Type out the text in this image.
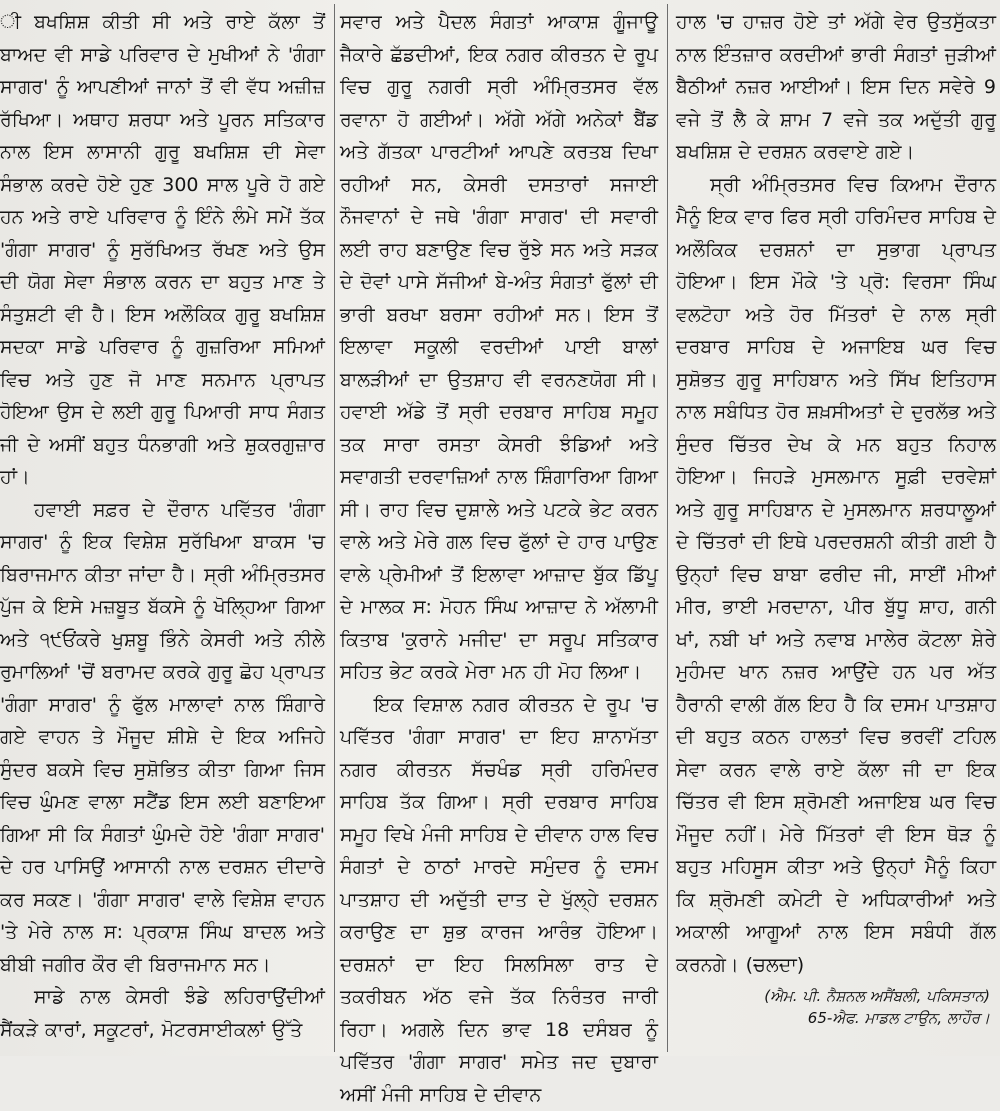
ੀ ਬਖਸ਼ਿਸ਼ ਕੀਤੀ ਸੀ ਅਤੇ ਰਾਏ ਕੱਲਾ ਤੋਂ ਬਾਅਦ ਵੀ ਸਾਡੇ ਪਰਿਵਾਰ ਦੇ ਮੁਖੀਆਂ ਨੇ 'ਗੰਗਾ ਸਾਗਰ' ਨੂੰ ਆਪਣੀਆਂ ਜਾਨਾਂ ਤੋਂ ਵੀ ਵੱਧ ਅਜ਼ੀਜ਼ ਰੱਖਿਆ। ਅਥਾਹ ਸ਼ਰਧਾ ਅਤੇ ਪੂਰਨ ਸਤਿਕਾਰ ਨਾਲ ਇਸ ਲਾਸਾਨੀ ਗੁਰੂ ਬਖਸ਼ਿਸ਼ ਦੀ ਸੇਵਾ ਸੰਭਾਲ ਕਰਦੇ ਹੋਏ ਹੁਣ 300 ਸਾਲ ਪੂਰੇ ਹੋ ਗਏ ਹਨ ਅਤੇ ਰਾਏ ਪਰਿਵਾਰ ਨੂੰ ਇੰਨੇ ਲੰਮੇ ਸਮੇਂ ਤੱਕ 'ਗੰਗਾ ਸਾਗਰ' ਨੂੰ ਸੁਰੱਖਿਅਤ ਰੱਖਣ ਅਤੇ ਉਸ ਦੀ ਯੋਗ ਸੇਵਾ ਸੰਭਾਲ ਕਰਨ ਦਾ ਬਹੁਤ ਮਾਣ ਤੇ ਸੰਤੁਸ਼ਟੀ ਵੀ ਹੈ। ਇਸ ਅਲੌਕਿਕ ਗੁਰੂ ਬਖਸ਼ਿਸ਼ ਸਦਕਾ ਸਾਡੇ ਪਰਿਵਾਰ ਨੂੰ ਗੁਜ਼ਰਿਆ ਸਮਿਆਂ ਵਿਚ ਅਤੇ ਹੁਣ ਜੋ ਮਾਣ ਸਨਮਾਨ ਪ੍ਰਾਪਤ ਹੋਇਆ ਉਸ ਦੇ ਲਈ ਗੁਰੂ ਪਿਆਰੀ ਸਾਧ ਸੰਗਤ ਜੀ ਦੇ ਅਸੀਂ ਬਹੁਤ ਧੰਨਭਾਗੀ ਅਤੇ ਸ਼ੁਕਰਗੁਜ਼ਾਰ ਹਾਂ।

ਹਵਾਈ ਸਫ਼ਰ ਦੇ ਦੌਰਾਨ ਪਵਿੱਤਰ 'ਗੰਗਾ ਸਾਗਰ' ਨੂੰ ਇਕ ਵਿਸ਼ੇਸ਼ ਸੁਰੱਖਿਆ ਬਾਕਸ 'ਚ ਬਿਰਾਜਮਾਨ ਕੀਤਾ ਜਾਂਦਾ ਹੈ। ਸ੍ਰੀ ਅੰਮ੍ਰਿਤਸਰ ਪੁੱਜ ਕੇ ਇਸੇ ਮਜ਼ਬੂਤ ਬੱਕਸੇ ਨੂੰ ਖੋਲ੍ਹਿਆ ਗਿਆ ਅਤੇ ੧੯ਓਂਕਰੇ ਖੁਸ਼ਬੂ ਭਿੰਨੇ ਕੇਸਰੀ ਅਤੇ ਨੀਲੇ ਰੁਮਾਲਿਆਂ 'ਚੋਂ ਬਰਾਮਦ ਕਰਕੇ ਗੁਰੂ ਛੋਹ ਪ੍ਰਾਪਤ 'ਗੰਗਾ ਸਾਗਰ' ਨੂੰ ਫੁੱਲ ਮਾਲਾਵਾਂ ਨਾਲ ਸ਼ਿੰਗਾਰੇ ਗਏ ਵਾਹਨ ਤੇ ਮੌਜੂਦ ਸ਼ੀਸ਼ੇ ਦੇ ਇਕ ਅਜਿਹੇ ਸੁੰਦਰ ਬਕਸੇ ਵਿਚ ਸੁਸ਼ੋਭਿਤ ਕੀਤਾ ਗਿਆ ਜਿਸ ਵਿਚ ਘੁੰਮਣ ਵਾਲਾ ਸਟੈਂਡ ਇਸ ਲਈ ਬਣਾਇਆ ਗਿਆ ਸੀ ਕਿ ਸੰਗਤਾਂ ਘੁੰਮਦੇ ਹੋਏ 'ਗੰਗਾ ਸਾਗਰ' ਦੇ ਹਰ ਪਾਸਿਉਂ ਆਸਾਨੀ ਨਾਲ ਦਰਸ਼ਨ ਦੀਦਾਰੇ ਕਰ ਸਕਣ। 'ਗੰਗਾ ਸਾਗਰ' ਵਾਲੇ ਵਿਸ਼ੇਸ਼ ਵਾਹਨ 'ਤੇ ਮੇਰੇ ਨਾਲ ਸ: ਪ੍ਰਕਾਸ਼ ਸਿੰਘ ਬਾਦਲ ਅਤੇ ਬੀਬੀ ਜਗੀਰ ਕੌਰ ਵੀ ਬਿਰਾਜਮਾਨ ਸਨ।

ਸਾਡੇ ਨਾਲ ਕੇਸਰੀ ਝੰਡੇ ਲਹਿਰਾਉਂਦੀਆਂ ਸੈਂਕੜੇ ਕਾਰਾਂ, ਸਕੂਟਰਾਂ, ਮੋਟਰਸਾਈਕਲਾਂ ਉੱਤੇ

ਸਵਾਰ ਅਤੇ ਪੈਦਲ ਸੰਗਤਾਂ ਆਕਾਸ਼ ਗੂੰਜਾਊ ਜੈਕਾਰੇ ਛੱਡਦੀਆਂ, ਇਕ ਨਗਰ ਕੀਰਤਨ ਦੇ ਰੂਪ ਵਿਚ ਗੁਰੂ ਨਗਰੀ ਸ੍ਰੀ ਅੰਮ੍ਰਿਤਸਰ ਵੱਲ ਰਵਾਨਾ ਹੋ ਗਈਆਂ। ਅੱਗੇ ਅੱਗੇ ਅਨੇਕਾਂ ਬੈਂਡ ਅਤੇ ਗੱਤਕਾ ਪਾਰਟੀਆਂ ਆਪਣੇ ਕਰਤਬ ਦਿਖਾ ਰਹੀਆਂ ਸਨ, ਕੇਸਰੀ ਦਸਤਾਰਾਂ ਸਜਾਈ ਨੌਜਵਾਨਾਂ ਦੇ ਜਥੇ 'ਗੰਗਾ ਸਾਗਰ' ਦੀ ਸਵਾਰੀ ਲਈ ਰਾਹ ਬਣਾਉਣ ਵਿਚ ਰੁੱਝੇ ਸਨ ਅਤੇ ਸੜਕ ਦੇ ਦੋਵਾਂ ਪਾਸੇ ਸੱਜੀਆਂ ਬੇ-ਅੰਤ ਸੰਗਤਾਂ ਫੁੱਲਾਂ ਦੀ ਭਾਰੀ ਬਰਖਾ ਬਰਸਾ ਰਹੀਆਂ ਸਨ। ਇਸ ਤੋਂ ਇਲਾਵਾ ਸਕੂਲੀ ਵਰਦੀਆਂ ਪਾਈ ਬਾਲਾਂ ਬਾਲੜੀਆਂ ਦਾ ਉਤਸ਼ਾਹ ਵੀ ਵਰਨਣਯੋਗ ਸੀ। ਹਵਾਈ ਅੱਡੇ ਤੋਂ ਸ੍ਰੀ ਦਰਬਾਰ ਸਾਹਿਬ ਸਮੂਹ ਤਕ ਸਾਰਾ ਰਸਤਾ ਕੇਸਰੀ ਝੰਡਿਆਂ ਅਤੇ ਸਵਾਗਤੀ ਦਰਵਾਜ਼ਿਆਂ ਨਾਲ ਸ਼ਿੰਗਾਰਿਆ ਗਿਆ ਸੀ। ਰਾਹ ਵਿਚ ਦੁਸ਼ਾਲੇ ਅਤੇ ਪਟਕੇ ਭੇਟ ਕਰਨ ਵਾਲੇ ਅਤੇ ਮੇਰੇ ਗਲ ਵਿਚ ਫੁੱਲਾਂ ਦੇ ਹਾਰ ਪਾਉਣ ਵਾਲੇ ਪ੍ਰੇਮੀਆਂ ਤੋਂ ਇਲਾਵਾ ਆਜ਼ਾਦ ਬੁੱਕ ਡਿੱਪੂ ਦੇ ਮਾਲਕ ਸ: ਮੋਹਨ ਸਿੰਘ ਆਜ਼ਾਦ ਨੇ ਅੱਲਾਮੀ ਕਿਤਾਬ 'ਕੁਰਾਨੇ ਮਜੀਦ' ਦਾ ਸਰੂਪ ਸਤਿਕਾਰ ਸਹਿਤ ਭੇਟ ਕਰਕੇ ਮੇਰਾ ਮਨ ਹੀ ਮੋਹ ਲਿਆ।

ਇਕ ਵਿਸ਼ਾਲ ਨਗਰ ਕੀਰਤਨ ਦੇ ਰੂਪ 'ਚ ਪਵਿੱਤਰ 'ਗੰਗਾ ਸਾਗਰ' ਦਾ ਇਹ ਸ਼ਾਨਾਮੱਤਾ ਨਗਰ ਕੀਰਤਨ ਸੱਚਖੰਡ ਸ੍ਰੀ ਹਰਿਮੰਦਰ ਸਾਹਿਬ ਤੱਕ ਗਿਆ। ਸ੍ਰੀ ਦਰਬਾਰ ਸਾਹਿਬ ਸਮੂਹ ਵਿਖੇ ਮੰਜੀ ਸਾਹਿਬ ਦੇ ਦੀਵਾਨ ਹਾਲ ਵਿਚ ਸੰਗਤਾਂ ਦੇ ਠਾਠਾਂ ਮਾਰਦੇ ਸਮੁੰਦਰ ਨੂੰ ਦਸਮ ਪਾਤਸ਼ਾਹ ਦੀ ਅਦੁੱਤੀ ਦਾਤ ਦੇ ਖੁੱਲ੍ਹੇ ਦਰਸ਼ਨ ਕਰਾਉਣ ਦਾ ਸ਼ੁਭ ਕਾਰਜ ਆਰੰਭ ਹੋਇਆ। ਦਰਸ਼ਨਾਂ ਦਾ ਇਹ ਸਿਲਸਿਲਾ ਰਾਤ ਦੇ ਤਕਰੀਬਨ ਅੱਠ ਵਜੇ ਤੱਕ ਨਿਰੰਤਰ ਜਾਰੀ ਰਿਹਾ। ਅਗਲੇ ਦਿਨ ਭਾਵ 18 ਦਸੰਬਰ ਨੂੰ ਪਵਿੱਤਰ 'ਗੰਗਾ ਸਾਗਰ' ਸਮੇਤ ਜਦ ਦੁਬਾਰਾ ਅਸੀਂ ਮੰਜੀ ਸਾਹਿਬ ਦੇ ਦੀਵਾਨ

ਹਾਲ 'ਚ ਹਾਜ਼ਰ ਹੋਏ ਤਾਂ ਅੱਗੇ ਵੇਰ ਉਤਸੁੱਕਤਾ ਨਾਲ ਇੰਤਜ਼ਾਰ ਕਰਦੀਆਂ ਭਾਰੀ ਸੰਗਤਾਂ ਜੁੜੀਆਂ ਬੈਠੀਆਂ ਨਜ਼ਰ ਆਈਆਂ। ਇਸ ਦਿਨ ਸਵੇਰੇ 9 ਵਜੇ ਤੋਂ ਲੈ ਕੇ ਸ਼ਾਮ 7 ਵਜੇ ਤਕ ਅਦੁੱਤੀ ਗੁਰੂ ਬਖਸ਼ਿਸ਼ ਦੇ ਦਰਸ਼ਨ ਕਰਵਾਏ ਗਏ।

ਸ੍ਰੀ ਅੰਮ੍ਰਿਤਸਰ ਵਿਚ ਕਿਆਮ ਦੌਰਾਨ ਮੈਨੂੰ ਇਕ ਵਾਰ ਫਿਰ ਸ੍ਰੀ ਹਰਿਮੰਦਰ ਸਾਹਿਬ ਦੇ ਅਲੌਕਿਕ ਦਰਸ਼ਨਾਂ ਦਾ ਸੁਭਾਗ ਪ੍ਰਾਪਤ ਹੋਇਆ। ਇਸ ਮੌਕੇ 'ਤੇ ਪ੍ਰੋ: ਵਿਰਸਾ ਸਿੰਘ ਵਲਟੋਹਾ ਅਤੇ ਹੋਰ ਮਿੱਤਰਾਂ ਦੇ ਨਾਲ ਸ੍ਰੀ ਦਰਬਾਰ ਸਾਹਿਬ ਦੇ ਅਜਾਇਬ ਘਰ ਵਿਚ ਸੁਸ਼ੋਭਤ ਗੁਰੂ ਸਾਹਿਬਾਨ ਅਤੇ ਸਿੱਖ ਇਤਿਹਾਸ ਨਾਲ ਸਬੰਧਿਤ ਹੋਰ ਸ਼ਖ਼ਸੀਅਤਾਂ ਦੇ ਦੁਰਲੱਭ ਅਤੇ ਸੁੰਦਰ ਚਿੱਤਰ ਦੇਖ ਕੇ ਮਨ ਬਹੁਤ ਨਿਹਾਲ ਹੋਇਆ। ਜਿਹੜੇ ਮੁਸਲਮਾਨ ਸੂਫ਼ੀ ਦਰਵੇਸ਼ਾਂ ਅਤੇ ਗੁਰੂ ਸਾਹਿਬਾਨ ਦੇ ਮੁਸਲਮਾਨ ਸ਼ਰਧਾਲੂਆਂ ਦੇ ਚਿੱਤਰਾਂ ਦੀ ਇਥੇ ਪਰਦਰਸ਼ਨੀ ਕੀਤੀ ਗਈ ਹੈ ਉਨ੍ਹਾਂ ਵਿਚ ਬਾਬਾ ਫਰੀਦ ਜੀ, ਸਾਈਂ ਮੀਆਂ ਮੀਰ, ਭਾਈ ਮਰਦਾਨਾ, ਪੀਰ ਬੁੱਧੂ ਸ਼ਾਹ, ਗਨੀ ਖਾਂ, ਨਬੀ ਖਾਂ ਅਤੇ ਨਵਾਬ ਮਾਲੇਰ ਕੋਟਲਾ ਸ਼ੇਰੇ ਮੁਹੰਮਦ ਖਾਨ ਨਜ਼ਰ ਆਉਂਦੇ ਹਨ ਪਰ ਅੱਤ ਹੈਰਾਨੀ ਵਾਲੀ ਗੱਲ ਇਹ ਹੈ ਕਿ ਦਸਮ ਪਾਤਸ਼ਾਹ ਦੀ ਬਹੁਤ ਕਠਨ ਹਾਲਤਾਂ ਵਿਚ ਭਰਵੀਂ ਟਹਿਲ ਸੇਵਾ ਕਰਨ ਵਾਲੇ ਰਾਏ ਕੱਲਾ ਜੀ ਦਾ ਇਕ ਚਿੱਤਰ ਵੀ ਇਸ ਸ਼੍ਰੋਮਣੀ ਅਜਾਇਬ ਘਰ ਵਿਚ ਮੌਜੂਦ ਨਹੀਂ। ਮੇਰੇ ਮਿੱਤਰਾਂ ਵੀ ਇਸ ਥੋੜ ਨੂੰ ਬਹੁਤ ਮਹਿਸੂਸ ਕੀਤਾ ਅਤੇ ਉਨ੍ਹਾਂ ਮੈਨੂੰ ਕਿਹਾ ਕਿ ਸ਼੍ਰੋਮਣੀ ਕਮੇਟੀ ਦੇ ਅਧਿਕਾਰੀਆਂ ਅਤੇ ਅਕਾਲੀ ਆਗੂਆਂ ਨਾਲ ਇਸ ਸਬੰਧੀ ਗੱਲ ਕਰਨਗੇ। (ਚਲਦਾ)

(ਐਮ. ਪੀ. ਨੈਸ਼ਨਲ ਅਸੈਂਬਲੀ, ਪਕਿਸਤਾਨ)
65-ਐਫ. ਮਾਡਲ ਟਾਉਨ, ਲਾਹੌਰ।
